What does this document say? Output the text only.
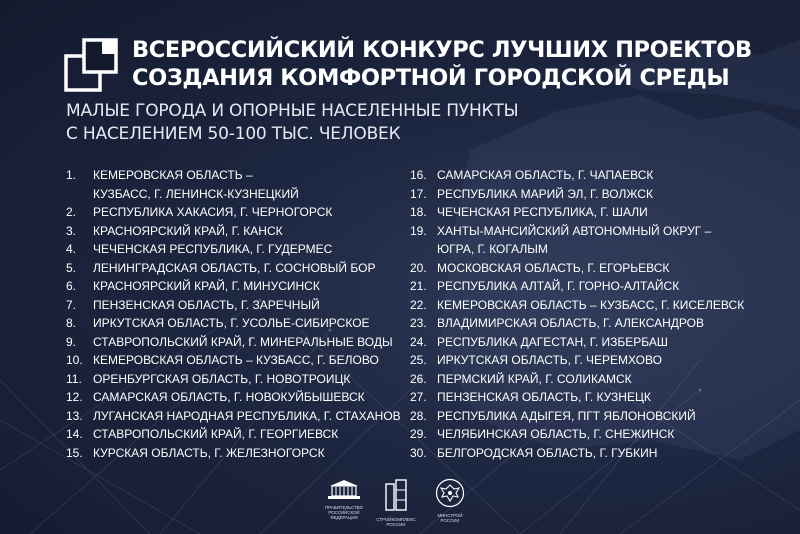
ВСЕРОССИЙСКИЙ КОНКУРС ЛУЧШИХ ПРОЕКТОВ
СОЗДАНИЯ КОМФОРТНОЙ ГОРОДСКОЙ СРЕДЫ
МАЛЫЕ ГОРОДА И ОПОРНЫЕ НАСЕЛЕННЫЕ ПУНКТЫ
С НАСЕЛЕНИЕМ 50-100 ТЫС. ЧЕЛОВЕК
1. КЕМЕРОВСКАЯ ОБЛАСТЬ –
КУЗБАСС, Г. ЛЕНИНСК-КУЗНЕЦКИЙ
2. РЕСПУБЛИКА ХАКАСИЯ, Г. ЧЕРНОГОРСК
3. КРАСНОЯРСКИЙ КРАЙ, Г. КАНСК
4. ЧЕЧЕНСКАЯ РЕСПУБЛИКА, Г. ГУДЕРМЕС
5. ЛЕНИНГРАДСКАЯ ОБЛАСТЬ, Г. СОСНОВЫЙ БОР
6. КРАСНОЯРСКИЙ КРАЙ, Г. МИНУСИНСК
7. ПЕНЗЕНСКАЯ ОБЛАСТЬ, Г. ЗАРЕЧНЫЙ
8. ИРКУТСКАЯ ОБЛАСТЬ, Г. УСОЛЬЕ-СИБИРСКОЕ
9. СТАВРОПОЛЬСКИЙ КРАЙ, Г. МИНЕРАЛЬНЫЕ ВОДЫ
10. КЕМЕРОВСКАЯ ОБЛАСТЬ – КУЗБАСС, Г. БЕЛОВО
11. ОРЕНБУРГСКАЯ ОБЛАСТЬ, Г. НОВОТРОИЦК
12. САМАРСКАЯ ОБЛАСТЬ, Г. НОВОКУЙБЫШЕВСК
13. ЛУГАНСКАЯ НАРОДНАЯ РЕСПУБЛИКА, Г. СТАХАНОВ
14. СТАВРОПОЛЬСКИЙ КРАЙ, Г. ГЕОРГИЕВСК
15. КУРСКАЯ ОБЛАСТЬ, Г. ЖЕЛЕЗНОГОРСК
16. САМАРСКАЯ ОБЛАСТЬ, Г. ЧАПАЕВСК
17. РЕСПУБЛИКА МАРИЙ ЭЛ, Г. ВОЛЖСК
18. ЧЕЧЕНСКАЯ РЕСПУБЛИКА, Г. ШАЛИ
19. ХАНТЫ-МАНСИЙСКИЙ АВТОНОМНЫЙ ОКРУГ –
ЮГРА, Г. КОГАЛЫМ
20. МОСКОВСКАЯ ОБЛАСТЬ, Г. ЕГОРЬЕВСК
21. РЕСПУБЛИКА АЛТАЙ, Г. ГОРНО-АЛТАЙСК
22. КЕМЕРОВСКАЯ ОБЛАСТЬ – КУЗБАСС, Г. КИСЕЛЕВСК
23. ВЛАДИМИРСКАЯ ОБЛАСТЬ, Г. АЛЕКСАНДРОВ
24. РЕСПУБЛИКА ДАГЕСТАН, Г. ИЗБЕРБАШ
25. ИРКУТСКАЯ ОБЛАСТЬ, Г. ЧЕРЕМХОВО
26. ПЕРМСКИЙ КРАЙ, Г. СОЛИКАМСК
27. ПЕНЗЕНСКАЯ ОБЛАСТЬ, Г. КУЗНЕЦК
28. РЕСПУБЛИКА АДЫГЕЯ, ПГТ ЯБЛОНОВСКИЙ
29. ЧЕЛЯБИНСКАЯ ОБЛАСТЬ, Г. СНЕЖИНСК
30. БЕЛГОРОДСКАЯ ОБЛАСТЬ, Г. ГУБКИН
ПРАВИТЕЛЬСТВО
РОССИЙСКОЙ
ФЕДЕРАЦИИ	СТРОЙКОМПЛЕКС
РОССИИ
МИНСТРОЙ
РОССИИ
